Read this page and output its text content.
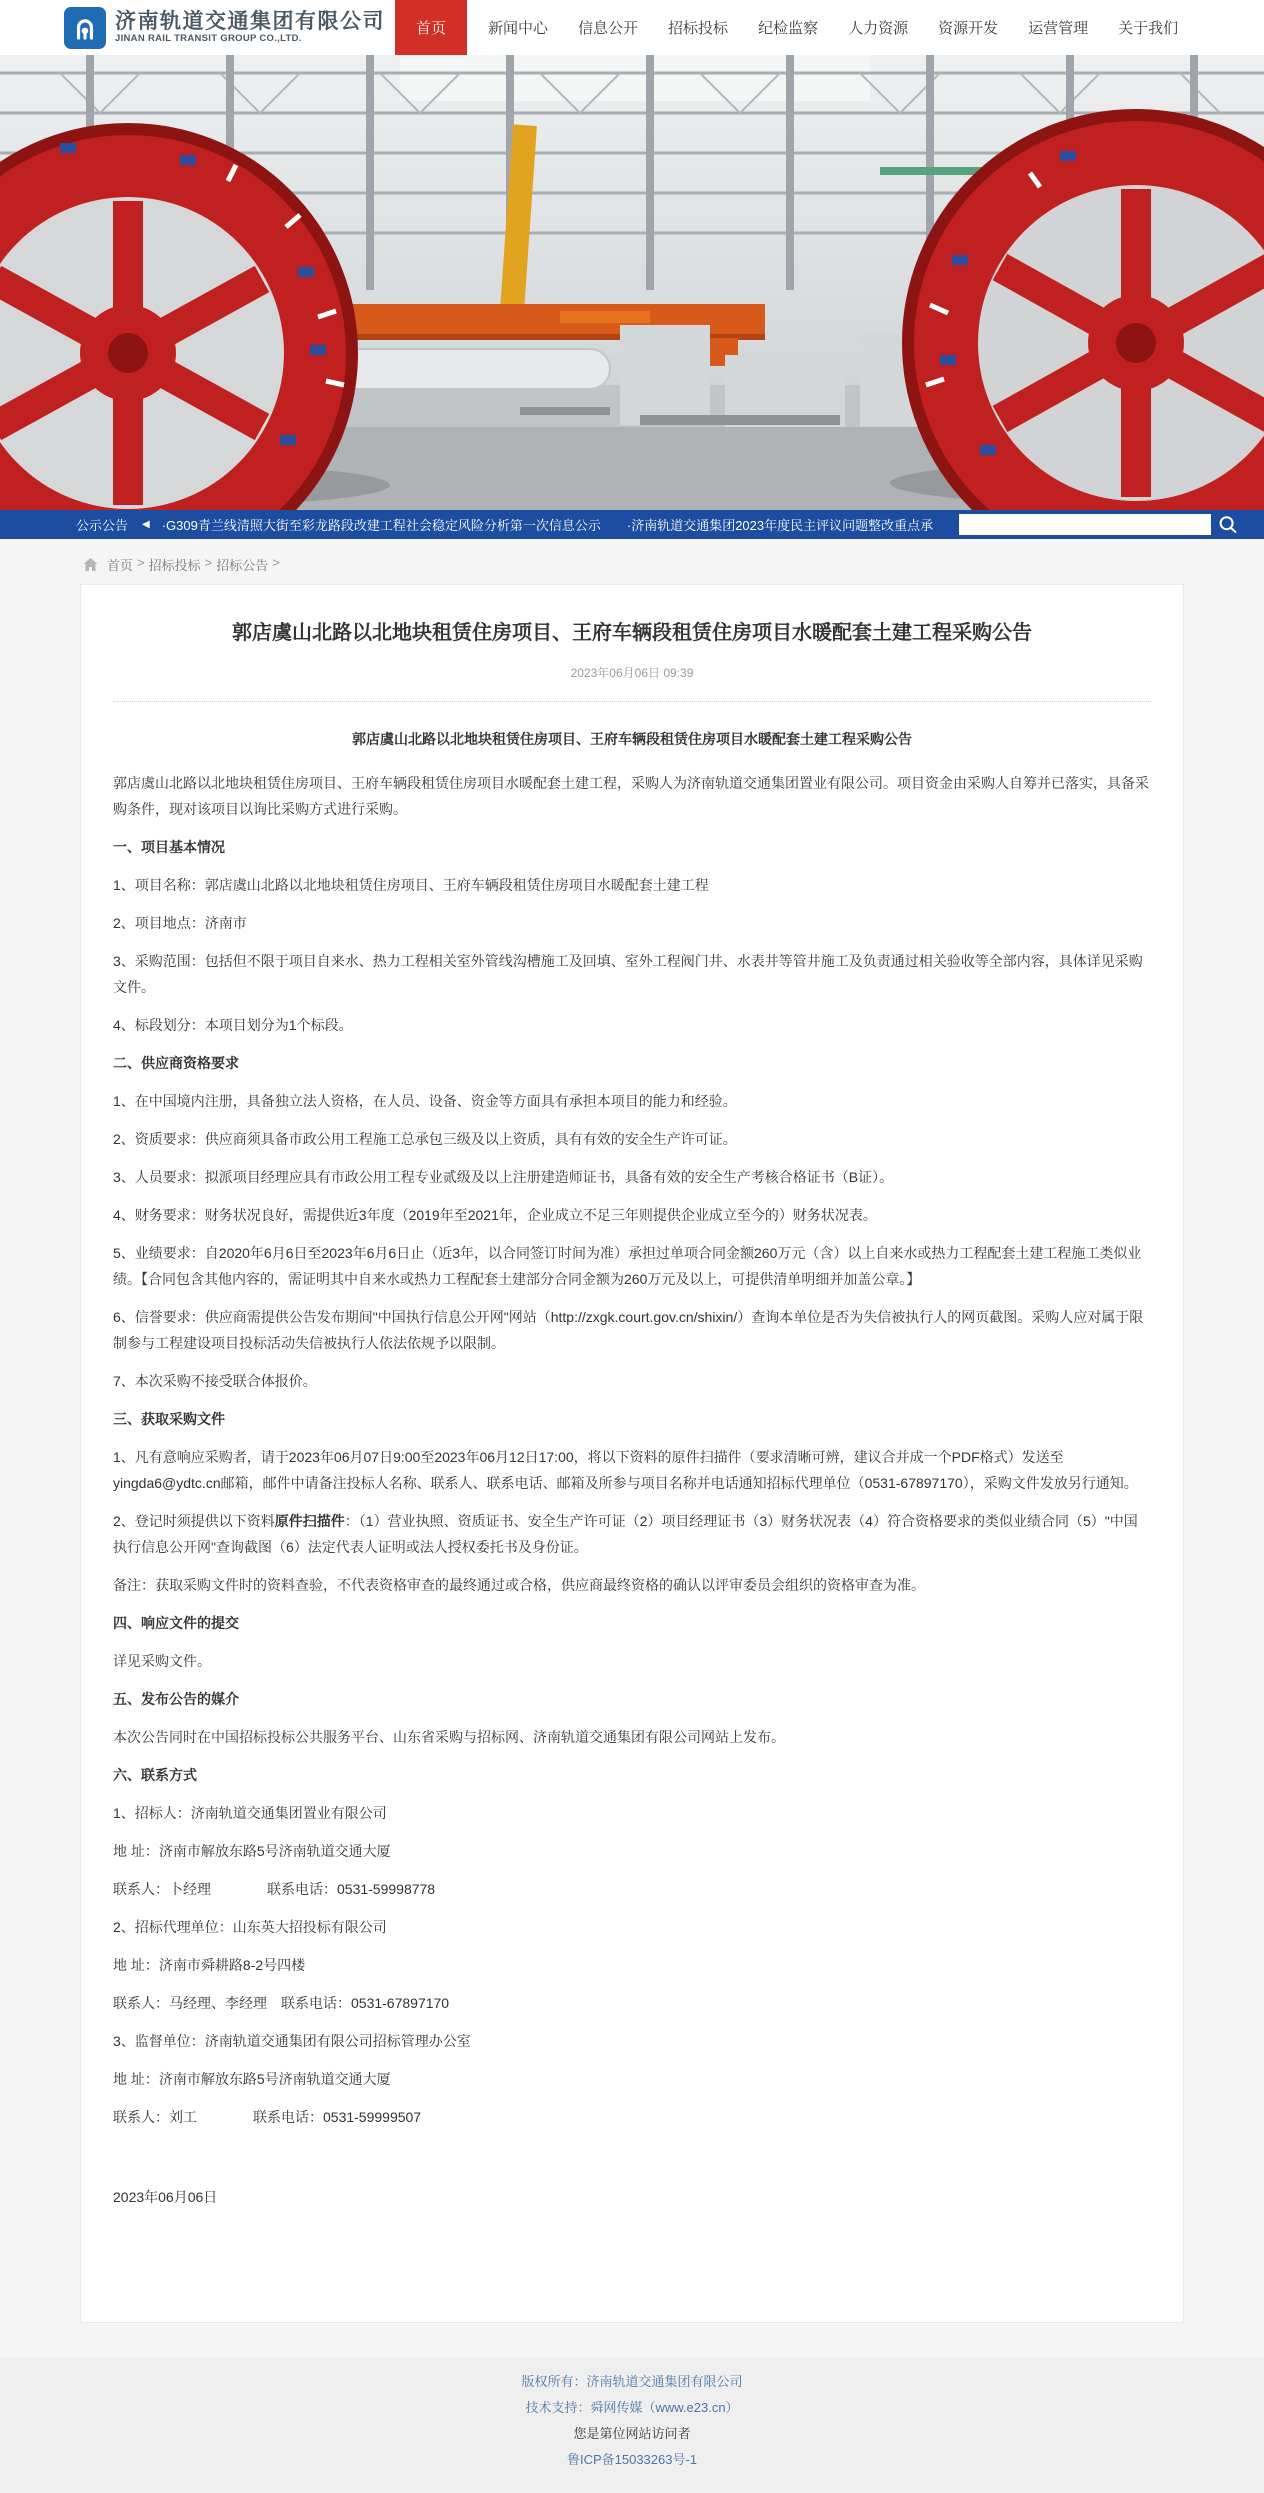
济南轨道交通集团有限公司
JINAN RAIL TRANSIT GROUP CO.,LTD.
首页	新闻中心	信息公开	招标投标	纪检监察	人力资源	资源开发	运营管理	关于我们
公示公告 ◀ ·G309青兰线清照大街至彩龙路段改建工程社会稳定风险分析第一次信息公示 ·济南轨道交通集团2023年度民主评议问题整改重点承
首页 > 招标投标 > 招标公告 >
郭店虞山北路以北地块租赁住房项目、王府车辆段租赁住房项目水暖配套土建工程采购公告
2023年06月06日 09:39

郭店虞山北路以北地块租赁住房项目、王府车辆段租赁住房项目水暖配套土建工程采购公告

郭店虞山北路以北地块租赁住房项目、王府车辆段租赁住房项目水暖配套土建工程，采购人为济南轨道交通集团置业有限公司。项目资金由采购人自筹并已落实，具备采购条件，现对该项目以询比采购方式进行采购。

一、项目基本情况

1、项目名称：郭店虞山北路以北地块租赁住房项目、王府车辆段租赁住房项目水暖配套土建工程

2、项目地点：济南市

3、采购范围：包括但不限于项目自来水、热力工程相关室外管线沟槽施工及回填、室外工程阀门井、水表井等管井施工及负责通过相关验收等全部内容，具体详见采购文件。

4、标段划分：本项目划分为1个标段。

二、供应商资格要求

1、在中国境内注册，具备独立法人资格，在人员、设备、资金等方面具有承担本项目的能力和经验。

2、资质要求：供应商须具备市政公用工程施工总承包三级及以上资质，具有有效的安全生产许可证。

3、人员要求：拟派项目经理应具有市政公用工程专业贰级及以上注册建造师证书，具备有效的安全生产考核合格证书（B证）。

4、财务要求：财务状况良好，需提供近3年度（2019年至2021年，企业成立不足三年则提供企业成立至今的）财务状况表。

5、业绩要求：自2020年6月6日至2023年6月6日止（近3年，以合同签订时间为准）承担过单项合同金额260万元（含）以上自来水或热力工程配套土建工程施工类似业绩。【合同包含其他内容的，需证明其中自来水或热力工程配套土建部分合同金额为260万元及以上，可提供清单明细并加盖公章。】

6、信誉要求：供应商需提供公告发布期间"中国执行信息公开网"网站（http://zxgk.court.gov.cn/shixin/）查询本单位是否为失信被执行人的网页截图。采购人应对属于限制参与工程建设项目投标活动失信被执行人依法依规予以限制。

7、本次采购不接受联合体报价。

三、获取采购文件

1、凡有意响应采购者，请于2023年06月07日9:00至2023年06月12日17:00，将以下资料的原件扫描件（要求清晰可辨，建议合并成一个PDF格式）发送至yingda6@ydtc.cn邮箱，邮件中请备注投标人名称、联系人、联系电话、邮箱及所参与项目名称并电话通知招标代理单位（0531-67897170），采购文件发放另行通知。

2、登记时须提供以下资料原件扫描件：（1）营业执照、资质证书、安全生产许可证（2）项目经理证书（3）财务状况表（4）符合资格要求的类似业绩合同（5）"中国执行信息公开网"查询截图（6）法定代表人证明或法人授权委托书及身份证。

备注：获取采购文件时的资料查验，不代表资格审查的最终通过或合格，供应商最终资格的确认以评审委员会组织的资格审查为准。

四、响应文件的提交

详见采购文件。

五、发布公告的媒介

本次公告同时在中国招标投标公共服务平台、山东省采购与招标网、济南轨道交通集团有限公司网站上发布。

六、联系方式

1、招标人：济南轨道交通集团置业有限公司

地 址：济南市解放东路5号济南轨道交通大厦

联系人：卜经理　　　　联系电话：0531-59998778

2、招标代理单位：山东英大招投标有限公司

地 址：济南市舜耕路8-2号四楼

联系人：马经理、李经理　联系电话：0531-67897170

3、监督单位：济南轨道交通集团有限公司招标管理办公室

地 址：济南市解放东路5号济南轨道交通大厦

联系人：刘工　　　　联系电话：0531-59999507

2023年06月06日

版权所有：济南轨道交通集团有限公司
技术支持：舜网传媒（www.e23.cn）
您是第位网站访问者
鲁ICP备15033263号-1
